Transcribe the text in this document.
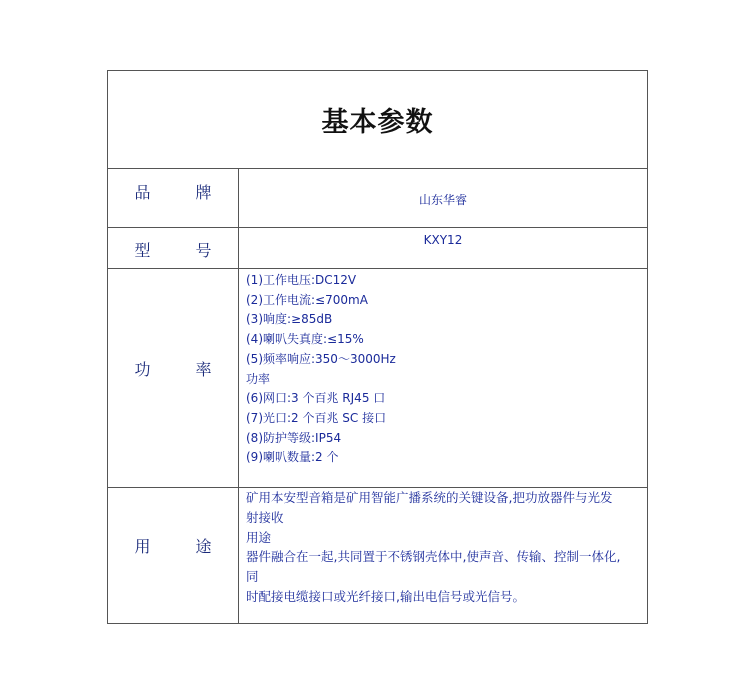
基本参数
品 牌	山东华睿
型 号
KXY12
功 率
(1)工作电压:DC12V
(2)工作电流:≤700mA
(3)响度:≥85dB
(4)喇叭失真度:≤15%
(5)频率响应:350～3000Hz
功率
(6)网口:3 个百兆 RJ45 口
(7)光口:2 个百兆 SC 接口
(8)防护等级:IP54
(9)喇叭数量:2 个
用 途
矿用本安型音箱是矿用智能广播系统的关键设备,把功放器件与光发
射接收
用途
器件融合在一起,共同置于不锈钢壳体中,使声音、传输、控制一体化,
同
时配接电缆接口或光纤接口,输出电信号或光信号。
